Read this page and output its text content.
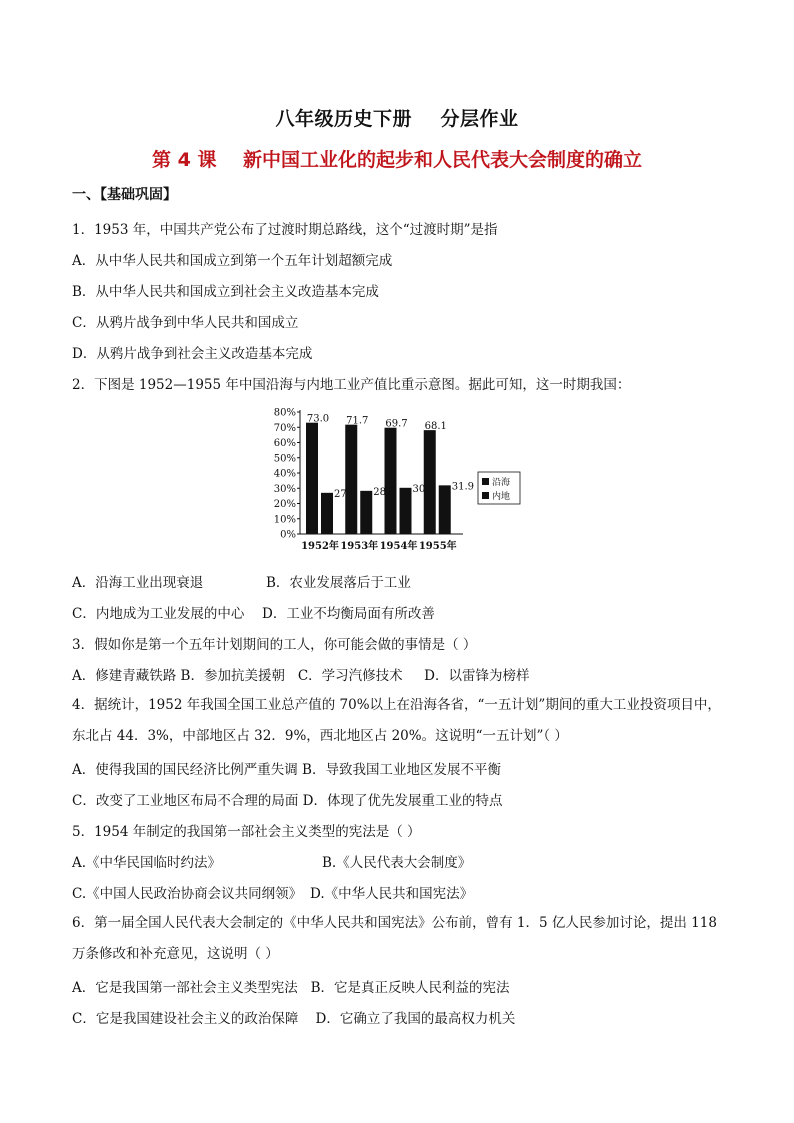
八年级历史下册    分层作业
第 4 课    新中国工业化的起步和人民代表大会制度的确立
一、【基础巩固】
1．1953 年，中国共产党公布了过渡时期总路线，这个“过渡时期”是指
A．从中华人民共和国成立到第一个五年计划超额完成
B．从中华人民共和国成立到社会主义改造基本完成
C．从鸦片战争到中华人民共和国成立
D．从鸦片战争到社会主义改造基本完成
2．下图是 1952—1955 年中国沿海与内地工业产值比重示意图。据此可知，这一时期我国：
80%
70%
60%
50%
40%
30%
20%
10%
0%
73.0
27.0
1952年
71.7
28.3
1953年
69.7
30.3
1954年
68.1
31.9
1955年
沿海
内地
A．沿海工业出现衰退	B．农业发展落后于工业
C．内地成为工业发展的中心 D．工业不均衡局面有所改善
3．假如你是第一个五年计划期间的工人，你可能会做的事情是（ ）
A．修建青藏铁路 B．参加抗美援朝   C．学习汽修技术     D．以雷锋为榜样
4．据统计，1952 年我国全国工业总产值的 70%以上在沿海各省，“一五计划”期间的重大工业投资项目中，东北占 44．3%，中部地区占 32．9%，西北地区占 20%。这说明“一五计划”（ ）
A．使得我国的国民经济比例严重失调 B．导致我国工业地区发展不平衡
C．改变了工业地区布局不合理的局面 D．体现了优先发展重工业的特点
5．1954 年制定的我国第一部社会主义类型的宪法是（ ）
A.《中华民国临时约法》	B.《人民代表大会制度》
C.《中国人民政治协商会议共同纲领》 D.《中华人民共和国宪法》
6．第一届全国人民代表大会制定的《中华人民共和国宪法》公布前，曾有 1．5 亿人民参加讨论，提出 118 万条修改和补充意见，这说明（ ）
A．它是我国第一部社会主义类型宪法   B．它是真正反映人民利益的宪法
C．它是我国建设社会主义的政治保障    D．它确立了我国的最高权力机关
